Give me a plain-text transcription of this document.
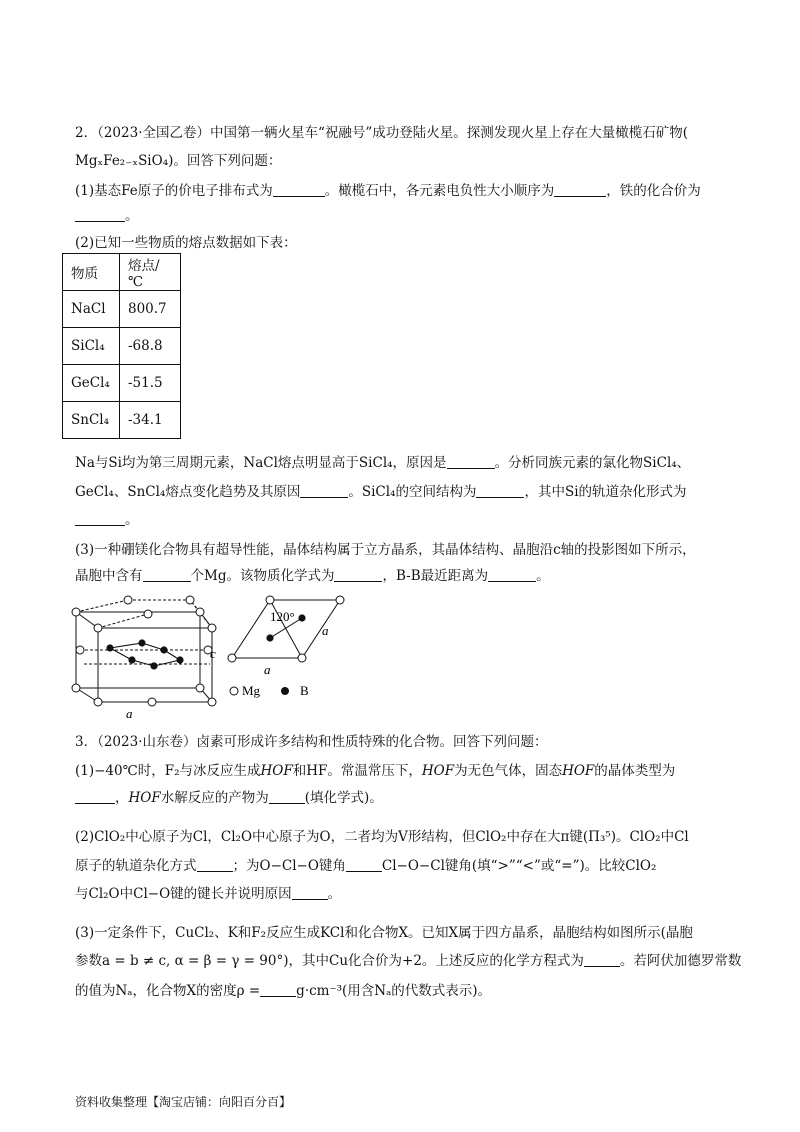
2．（2023·全国乙卷）中国第一辆火星车“祝融号”成功登陆火星。探测发现火星上存在大量橄榄石矿物(
MgₓFe₂₋ₓSiO₄)。回答下列问题：
(1)基态Fe原子的价电子排布式为	。橄榄石中，各元素电负性大小顺序为	，铁的化合价为
。
(2)已知一些物质的熔点数据如下表：
物质	熔点/℃
NaCl	800.7
SiCl₄	-68.8
GeCl₄	-51.5
SnCl₄	-34.1
Na与Si均为第三周期元素，NaCl熔点明显高于SiCl₄，原因是	。分析同族元素的氯化物SiCl₄、
GeCl₄、SnCl₄熔点变化趋势及其原因	。SiCl₄的空间结构为	，其中Si的轨道杂化形式为
。
(3)一种硼镁化合物具有超导性能，晶体结构属于立方晶系，其晶体结构、晶胞沿c轴的投影图如下所示，
晶胞中含有	个Mg。该物质化学式为	，B-B最近距离为	。
c
a
120°
a
a
Mg	B
3．（2023·山东卷）卤素可形成许多结构和性质特殊的化合物。回答下列问题：
(1)−40℃时，F₂与冰反应生成HOF和HF。常温常压下，HOF为无色气体，固态HOF的晶体类型为
，HOF水解反应的产物为	(填化学式)。
(2)ClO₂中心原子为Cl，Cl₂O中心原子为O，二者均为V形结构，但ClO₂中存在大π键(Π₃⁵)。ClO₂中Cl
原子的轨道杂化方式	；为O−Cl−O键角	Cl−O−Cl键角(填“>”“<”或“=”)。比较ClO₂
与Cl₂O中Cl−O键的键长并说明原因	。
(3)一定条件下，CuCl₂、K和F₂反应生成KCl和化合物X。已知X属于四方晶系，晶胞结构如图所示(晶胞
参数a = b ≠ c, α = β = γ = 90°)，其中Cu化合价为+2。上述反应的化学方程式为	。若阿伏加德罗常数
的值为Nₐ，化合物X的密度ρ =	g·cm⁻³(用含Nₐ的代数式表示)。
资料收集整理【淘宝店铺：向阳百分百】
